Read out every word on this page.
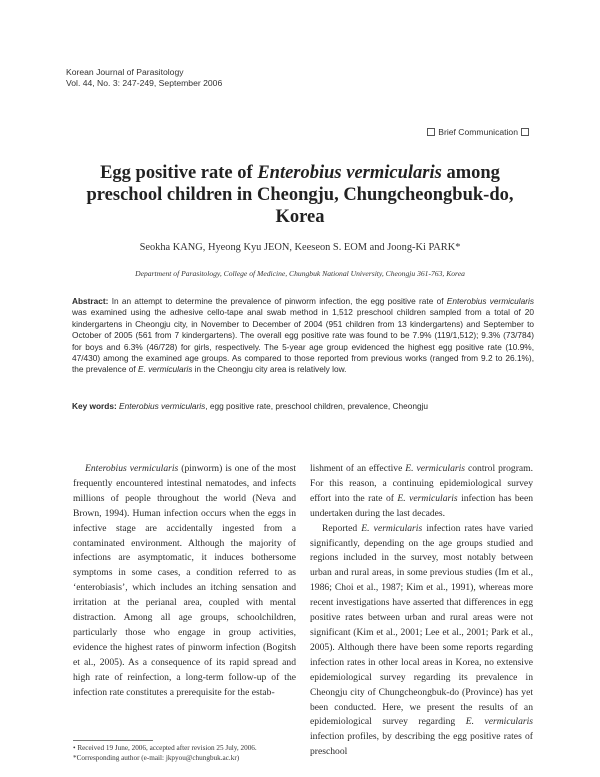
Korean Journal of Parasitology
Vol. 44, No. 3: 247-249, September 2006
Brief Communication
Egg positive rate of Enterobius vermicularis among preschool children in Cheongju, Chungcheongbuk-do, Korea
Seokha KANG, Hyeong Kyu JEON, Keeseon S. EOM and Joong-Ki PARK*
Department of Parasitology, College of Medicine, Chungbuk National University, Cheongju 361-763, Korea
Abstract: In an attempt to determine the prevalence of pinworm infection, the egg positive rate of Enterobius vermicularis was examined using the adhesive cello-tape anal swab method in 1,512 preschool children sampled from a total of 20 kindergartens in Cheongju city, in November to December of 2004 (951 children from 13 kindergartens) and September to October of 2005 (561 from 7 kindergartens). The overall egg positive rate was found to be 7.9% (119/1,512); 9.3% (73/784) for boys and 6.3% (46/728) for girls, respectively. The 5-year age group evidenced the highest egg positive rate (10.9%, 47/430) among the examined age groups. As compared to those reported from previous works (ranged from 9.2 to 26.1%), the prevalence of E. vermicularis in the Cheongju city area is relatively low.
Key words: Enterobius vermicularis, egg positive rate, preschool children, prevalence, Cheongju

Enterobius vermicularis (pinworm) is one of the most frequently encountered intestinal nematodes, and infects millions of people throughout the world (Neva and Brown, 1994). Human infection occurs when the eggs in infective stage are accidentally ingested from a contaminated environment. Although the majority of infections are asymptomatic, it induces bothersome symptoms in some cases, a condition referred to as ‘enterobiasis’, which includes an itching sensation and irritation at the perianal area, coupled with mental distraction. Among all age groups, schoolchildren, particularly those who engage in group activities, evidence the highest rates of pinworm infection (Bogitsh et al., 2005). As a consequence of its rapid spread and high rate of reinfection, a long-term follow-up of the infection rate constitutes a prerequisite for the estab-

lishment of an effective E. vermicularis control program. For this reason, a continuing epidemiological survey effort into the rate of E. vermicularis infection has been undertaken during the last decades.

Reported E. vermicularis infection rates have varied significantly, depending on the age groups studied and regions included in the survey, most notably between urban and rural areas, in some previous studies (Im et al., 1986; Choi et al., 1987; Kim et al., 1991), whereas more recent investigations have asserted that differences in egg positive rates between urban and rural areas were not significant (Kim et al., 2001; Lee et al., 2001; Park et al., 2005). Although there have been some reports regarding infection rates in other local areas in Korea, no extensive epidemiological survey regarding its prevalence in Cheongju city of Chungcheongbuk-do (Province) has yet been conducted. Here, we present the results of an epidemiological survey regarding E. vermicularis infection profiles, by describing the egg positive rates of preschool

• Received 19 June, 2006, accepted after revision 25 July, 2006.

*Corresponding author (e-mail: jkpyou@chungbuk.ac.kr)
